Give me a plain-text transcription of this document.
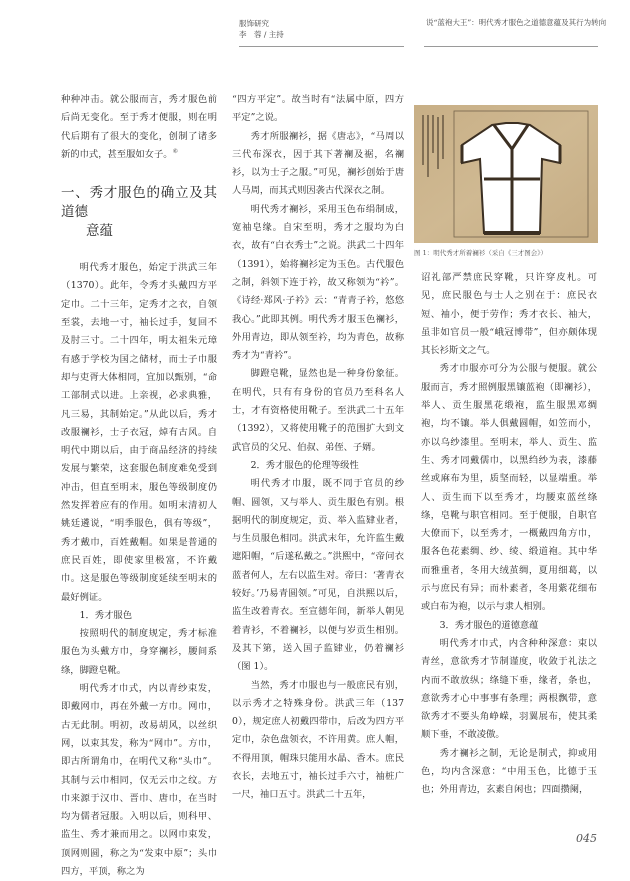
服饰研究
李　蓉 / 主持
说“蓝袍大王”：明代秀才服色之道德意蕴及其行为转向

种种冲击。就公服而言，秀才服色前后尚无变化。至于秀才便服，则在明代后期有了很大的变化，创制了诸多新的巾式，甚至服如女子。⑥

一、秀才服色的确立及其道德
意蕴

明代秀才服色，始定于洪武三年（1370）。此年，令秀才头戴四方平定巾。二十三年，定秀才之衣，自领至裳，去地一寸，袖长过手，复回不及肘三寸。二十四年，明太祖朱元璋有感于学校为国之储材，而士子巾服却与吏胥大体相同，宜加以甄别，“命工部制式以进。上亲视，必求典雅，凡三易，其制始定。”从此以后，秀才改服襕衫，士子衣冠，焯有古风。自明代中期以后，由于商品经济的持续发展与繁荣，这套服色制度难免受到冲击，但直至明末，服色等级制度仍然发挥着应有的作用。如明末清初人姚廷遴说，“明季服色，俱有等级”，秀才戴巾，百姓戴帽。如果是普通的庶民百姓，即使家里极富，不许戴巾。这是服色等级制度延续至明末的最好例证。

1．秀才服色

按照明代的制度规定，秀才标准服色为头戴方巾，身穿襕衫，腰间系绦，脚蹬皂靴。

明代秀才巾式，内以青纱束发，即戴网巾，再在外戴一方巾。网巾，古无此制。明初，改易胡风，以丝织网，以束其发，称为“网巾”。方巾，即古所谓角巾，在明代又称“头巾”。其制与云巾相同，仅无云巾之纹。方巾来源于汉巾、晋巾、唐巾，在当时均为儒者冠服。入明以后，则科甲、监生、秀才兼而用之。以网巾束发，顶网则圆，称之为“发束中原”；头巾四方，平顶，称之为

“四方平定”。故当时有“法属中原，四方平定”之说。

秀才所服襕衫，据《唐志》，“马周以三代布深衣，因于其下著襕及裾，名襕衫，以为士子之服。”可见，襕衫创始于唐人马周，而其式则因袭古代深衣之制。

明代秀才襕衫，采用玉色布绢制成，宽袖皂缘。自宋至明，秀才之服均为白衣，故有“白衣秀士”之说。洪武二十四年（1391），始将襕衫定为玉色。古代服色之制，斜领下连于衿，故又称领为“衿”。《诗经·郑风·子衿》云：“青青子衿，悠悠我心。”此即其例。明代秀才服玉色襕衫，外用青边，即从领至衿，均为青色，故称秀才为“青衿”。

脚蹬皂靴，显然也是一种身份象征。在明代，只有有身份的官员乃至科名人士，才有资格使用靴子。至洪武二十五年（1392），又将使用靴子的范围扩大到文武官员的父兄、伯叔、弟侄、子婿。

2．秀才服色的伦理等级性

明代秀才巾服，既不同于官员的纱帽、圆领，又与举人、贡生服色有别。根据明代的制度规定，贡、举入监肄业者，与生员服色相同。洪武末年，允许监生戴遮阳帽，“后遂私戴之。”洪熙中，“帝问衣蓝者何人，左右以监生对。帝曰：‘著青衣较好。’乃易青圆领。”可见，自洪熙以后，监生改着青衣。至宣德年间，新举人朝见着青衫，不着襕衫，以便与岁贡生相别。及其下第，送入国子监肄业，仍着襕衫（图 1）。

当然，秀才巾服也与一般庶民有别，以示秀才之特殊身份。洪武三年（1370），规定庶人初戴四带巾，后改为四方平定巾，杂色盘领衣，不许用黄。庶人帽，不得用顶，帽珠只能用水晶、香木。庶民衣长，去地五寸，袖长过手六寸，袖桩广一尺，袖口五寸。洪武二十五年，

图 1：明代秀才所着襕衫（采自《三才图会》）

诏礼部严禁庶民穿靴，只许穿皮札。可见，庶民服色与士人之别在于：庶民衣短、袖小，便于劳作；秀才衣长、袖大，虽非如官员一般“峨冠博带”，但亦颇体现其长衫斯文之气。

秀才巾服亦可分为公服与便服。就公服而言，秀才照例服黑镶蓝袍（即襕衫），举人、贡生服黑花缎袍，监生服黑邓绸袍，均不镶。举人俱戴圆帽，如笠而小，亦以乌纱漆里。至明末，举人、贡生、监生、秀才同戴儒巾，以黑绉纱为表，漆藤丝或麻布为里，质坚而轻，以显端重。举人、贡生而下以至秀才，均腰束蓝丝绦绦，皂靴与职官相同。至于便服，自职官大僚而下，以至秀才，一概戴四角方巾，服各色花素绸、纱、绫、缎道袍。其中华而雅重者，冬用大绒茧绸，夏用细葛，以示与庶民有异；而朴素者，冬用紫花细布或白布为袍，以示与隶人相别。

3．秀才服色的道德意蕴

明代秀才巾式，内含种种深意：束以青丝，意欲秀才节制谨度，收敛于礼法之内而不敢放纵；绦缝下垂，缘者，条也，意欲秀才心中事事有条理；两根飘带，意欲秀才不要头角峥嵘，羽翼展布，使其柔顺下垂，不敢凌傲。

秀才襕衫之制，无论是制式，抑或用色，均内含深意：“中用玉色，比德于玉也；外用青边，玄素自闲也；四面攒阑，

045
